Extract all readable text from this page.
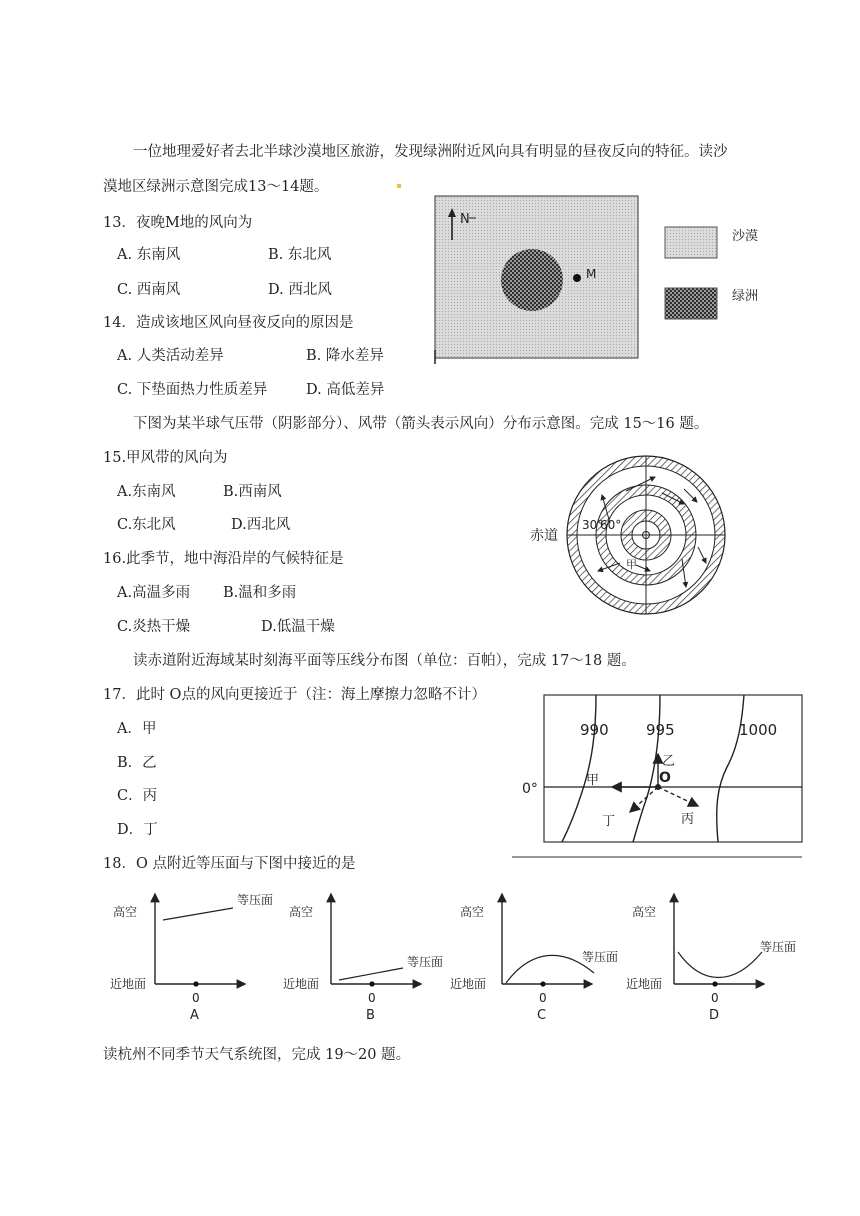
一位地理爱好者去北半球沙漠地区旅游，发现绿洲附近风向具有明显的昼夜反向的特征。读沙
漠地区绿洲示意图完成13～14题。
13．夜晚M地的风向为
A. 东南风	B. 东北风
C. 西南风	D. 西北风
14．造成该地区风向昼夜反向的原因是
A. 人类活动差异	B. 降水差异
C. 下垫面热力性质差异	D. 高低差异
N
M
沙漠
绿洲
下图为某半球气压带（阴影部分）、风带（箭头表示风向）分布示意图。完成 15～16 题。
15.甲风带的风向为
A.东南风	B.西南风
C.东北风	D.西北风
16.此季节，地中海沿岸的气候特征是
A.高温多雨 B.温和多雨
C.炎热干燥	D.低温干燥
赤道
30°
60°
甲
读赤道附近海域某时刻海平面等压线分布图（单位：百帕），完成 17～18 题。
17．此时 O点的风向更接近于（注：海上摩擦力忽略不计）
A．甲
B．乙
C．丙
D．丁
990 995	1000
0°
O
甲
乙
丙
丁
18．O 点附近等压面与下图中接近的是
高空
近地面
等压面
0
A
高空
近地面
等压面
0
B
高空
近地面
等压面
0
C
高空
近地面
等压面
0
D
读杭州不同季节天气系统图，完成 19～20 题。
